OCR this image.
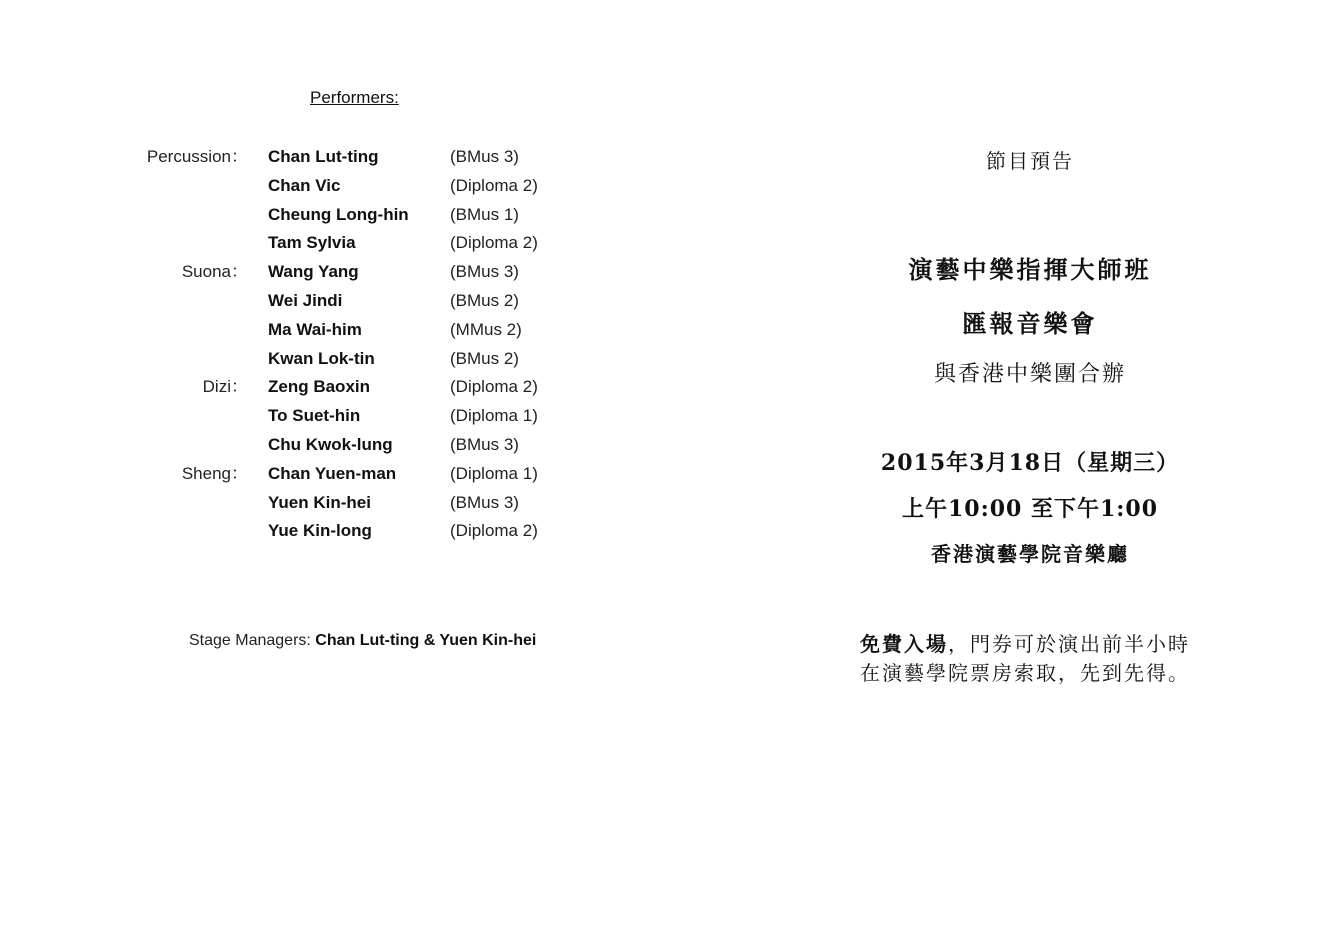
Performers:
Percussion： Chan Lut-ting	(BMus 3)
Chan Vic	(Diploma 2)
Cheung Long-hin (BMus 1)
Tam Sylvia	(Diploma 2)
Suona： Wang Yang	(BMus 3)
Wei Jindi	(BMus 2)
Ma Wai-him	(MMus 2)
Kwan Lok-tin	(BMus 2)
Dizi： Zeng Baoxin	(Diploma 2)
To Suet-hin	(Diploma 1)
Chu Kwok-lung	(BMus 3)
Sheng： Chan Yuen-man	(Diploma 1)
Yuen Kin-hei	(BMus 3)
Yue Kin-long	(Diploma 2)
Stage Managers: Chan Lut-ting & Yuen Kin-hei
節目預告
演藝中樂指揮大師班
匯報音樂會
與香港中樂團合辦
2015年3月18日（星期三）
上午10:00 至下午1:00
香港演藝學院音樂廳
免費入場，門券可於演出前半小時在演藝學院票房索取，先到先得。
